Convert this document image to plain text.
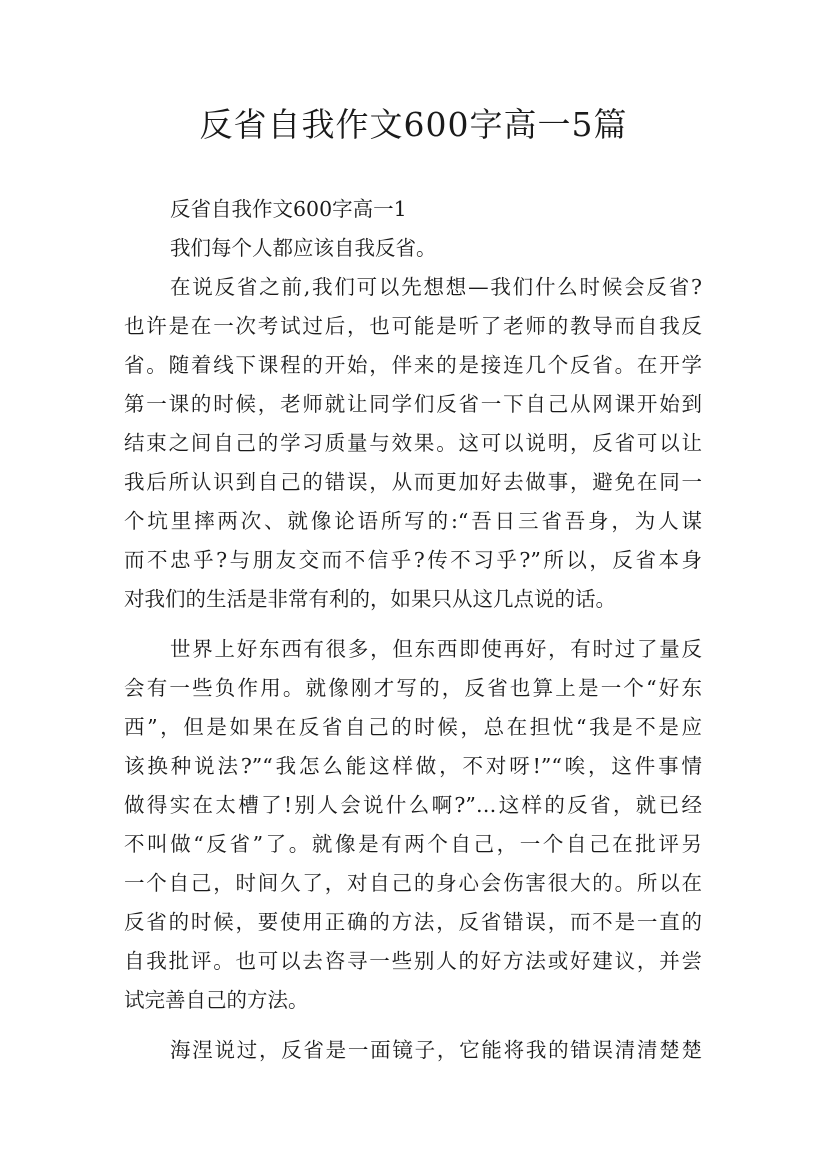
反省自我作文600字高一5篇
反省自我作文600字高一1
我们每个人都应该自我反省。
在说反省之前,我们可以先想想—我们什么时候会反省?
也许是在一次考试过后，也可能是听了老师的教导而自我反
省。随着线下课程的开始，伴来的是接连几个反省。在开学
第一课的时候，老师就让同学们反省一下自己从网课开始到
结束之间自己的学习质量与效果。这可以说明，反省可以让
我后所认识到自己的错误，从而更加好去做事，避免在同一
个坑里摔两次、就像论语所写的:“吾日三省吾身，为人谋
而不忠乎?与朋友交而不信乎?传不习乎?”所以，反省本身
对我们的生活是非常有利的，如果只从这几点说的话。
世界上好东西有很多，但东西即使再好，有时过了量反
会有一些负作用。就像刚才写的，反省也算上是一个“好东
西”，但是如果在反省自己的时候，总在担忧“我是不是应
该换种说法?”“我怎么能这样做，不对呀!”“唉，这件事情
做得实在太槽了!别人会说什么啊?”…这样的反省，就已经
不叫做“反省”了。就像是有两个自己，一个自己在批评另
一个自己，时间久了，对自己的身心会伤害很大的。所以在
反省的时候，要使用正确的方法，反省错误，而不是一直的
自我批评。也可以去咨寻一些别人的好方法或好建议，并尝
试完善自己的方法。
海涅说过，反省是一面镜子，它能将我的错误清清楚楚
